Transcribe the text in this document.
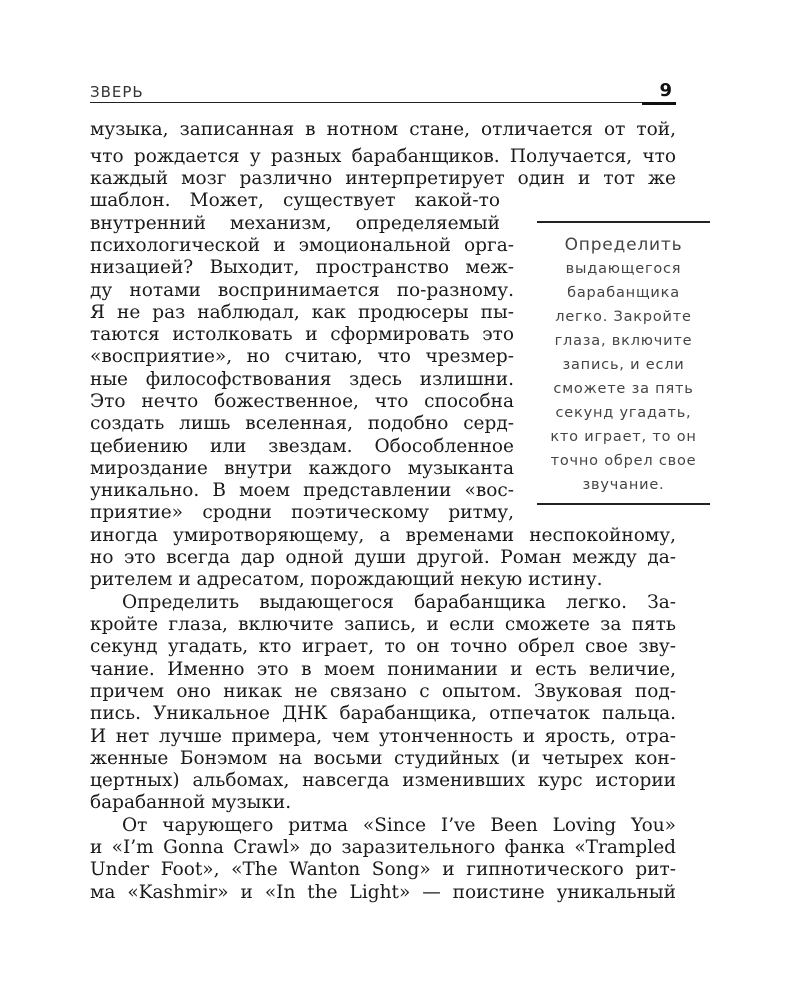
ЗВЕРЬ	9
музыка, записанная в нотном стане, отличается от той,
что рождается у разных барабанщиков. Получается, что
каждый мозг различно интерпретирует один и тот же
шаблон. Может, существует какой-то
внутренний механизм, определяемый
психологической и эмоциональной орга-
низацией? Выходит, пространство меж-
ду нотами воспринимается по-разному.
Я не раз наблюдал, как продюсеры пы-
таются истолковать и сформировать это
«восприятие», но считаю, что чрезмер-
ные философствования здесь излишни.
Это нечто божественное, что способна
создать лишь вселенная, подобно серд-
цебиению или звездам. Обособленное
мироздание внутри каждого музыканта
уникально. В моем представлении «вос-
приятие» сродни поэтическому ритму,
иногда умиротворяющему, а временами неспокойному,
но это всегда дар одной души другой. Роман между да-
рителем и адресатом, порождающий некую истину.
Определить выдающегося барабанщика легко. За-
кройте глаза, включите запись, и если сможете за пять
секунд угадать, кто играет, то он точно обрел свое зву-
чание. Именно это в моем понимании и есть величие,
причем оно никак не связано с опытом. Звуковая под-
пись. Уникальное ДНК барабанщика, отпечаток пальца.
И нет лучше примера, чем утонченность и ярость, отра-
женные Бонэмом на восьми студийных (и четырех кон-
цертных) альбомах, навсегда изменивших курс истории
барабанной музыки.
От чарующего ритма «Since I’ve Been Loving You»
и «I’m Gonna Crawl» до заразительного фанка «Trampled
Under Foot», «The Wanton Song» и гипнотического рит-
ма «Kashmir» и «In the Light» — поистине уникальный
Определить
выдающегося
барабанщика
легко. Закройте
глаза, включите
запись, и если
сможете за пять
секунд угадать,
кто играет, то он
точно обрел свое
звучание.
